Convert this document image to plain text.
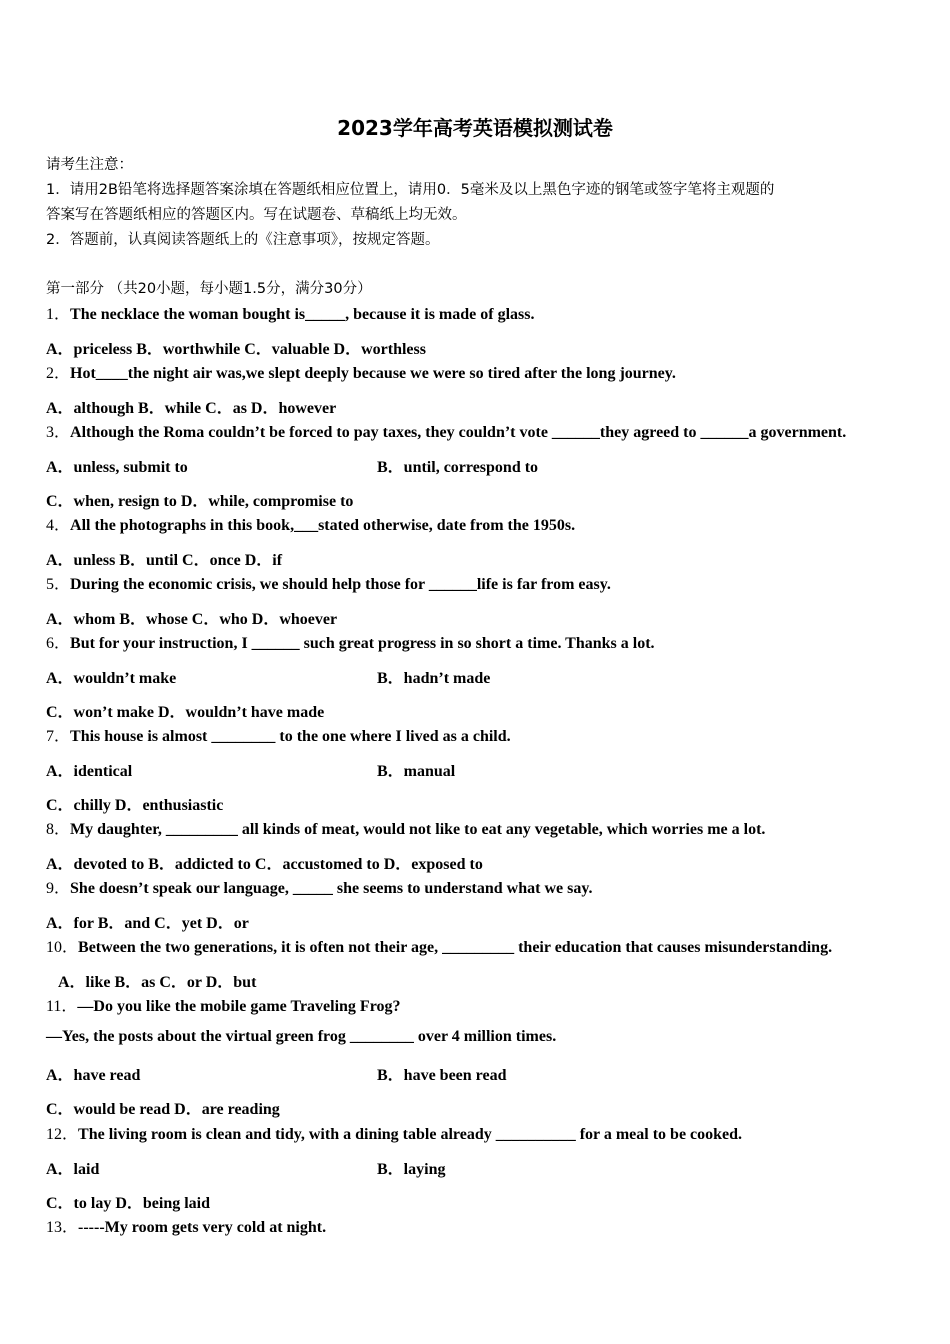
2023学年高考英语模拟测试卷
请考生注意：
1．请用2B铅笔将选择题答案涂填在答题纸相应位置上，请用0．5毫米及以上黑色字迹的钢笔或签字笔将主观题的
答案写在答题纸相应的答题区内。写在试题卷、草稿纸上均无效。
2．答题前，认真阅读答题纸上的《注意事项》，按规定答题。
第一部分 （共20小题，每小题1.5分，满分30分）
1．The necklace the woman bought is_____, because it is made of glass.
A．priceless B．worthwhile C．valuable D．worthless
2．Hot____the night air was,we slept deeply because we were so tired after the long journey.
A．although B．while C．as D．however
3．Although the Roma couldn’t be forced to pay taxes, they couldn’t vote ______they agreed to ______a government.
A．unless, submit to	B．until, correspond to
C．when, resign to D．while, compromise to
4．All the photographs in this book,___stated otherwise, date from the 1950s.
A．unless B．until C．once D．if
5．During the economic crisis, we should help those for ______life is far from easy.
A．whom B．whose C．who D．whoever
6．But for your instruction, I ______ such great progress in so short a time. Thanks a lot.
A．wouldn’t make	B．hadn’t made
C．won’t make D．wouldn’t have made
7．This house is almost ________ to the one where I lived as a child.
A．identical	B．manual
C．chilly D．enthusiastic
8．My daughter, _________ all kinds of meat, would not like to eat any vegetable, which worries me a lot.
A．devoted to B．addicted to C．accustomed to D．exposed to
9．She doesn’t speak our language, _____ she seems to understand what we say.
A．for B．and C．yet D．or
10．Between the two generations, it is often not their age, _________ their education that causes misunderstanding.
A．like B．as C．or D．but
11．—Do you like the mobile game Traveling Frog?
—Yes, the posts about the virtual green frog ________ over 4 million times.
A．have read	B．have been read
C．would be read D．are reading
12．The living room is clean and tidy, with a dining table already __________ for a meal to be cooked.
A．laid	B．laying
C．to lay D．being laid
13．-----My room gets very cold at night.
